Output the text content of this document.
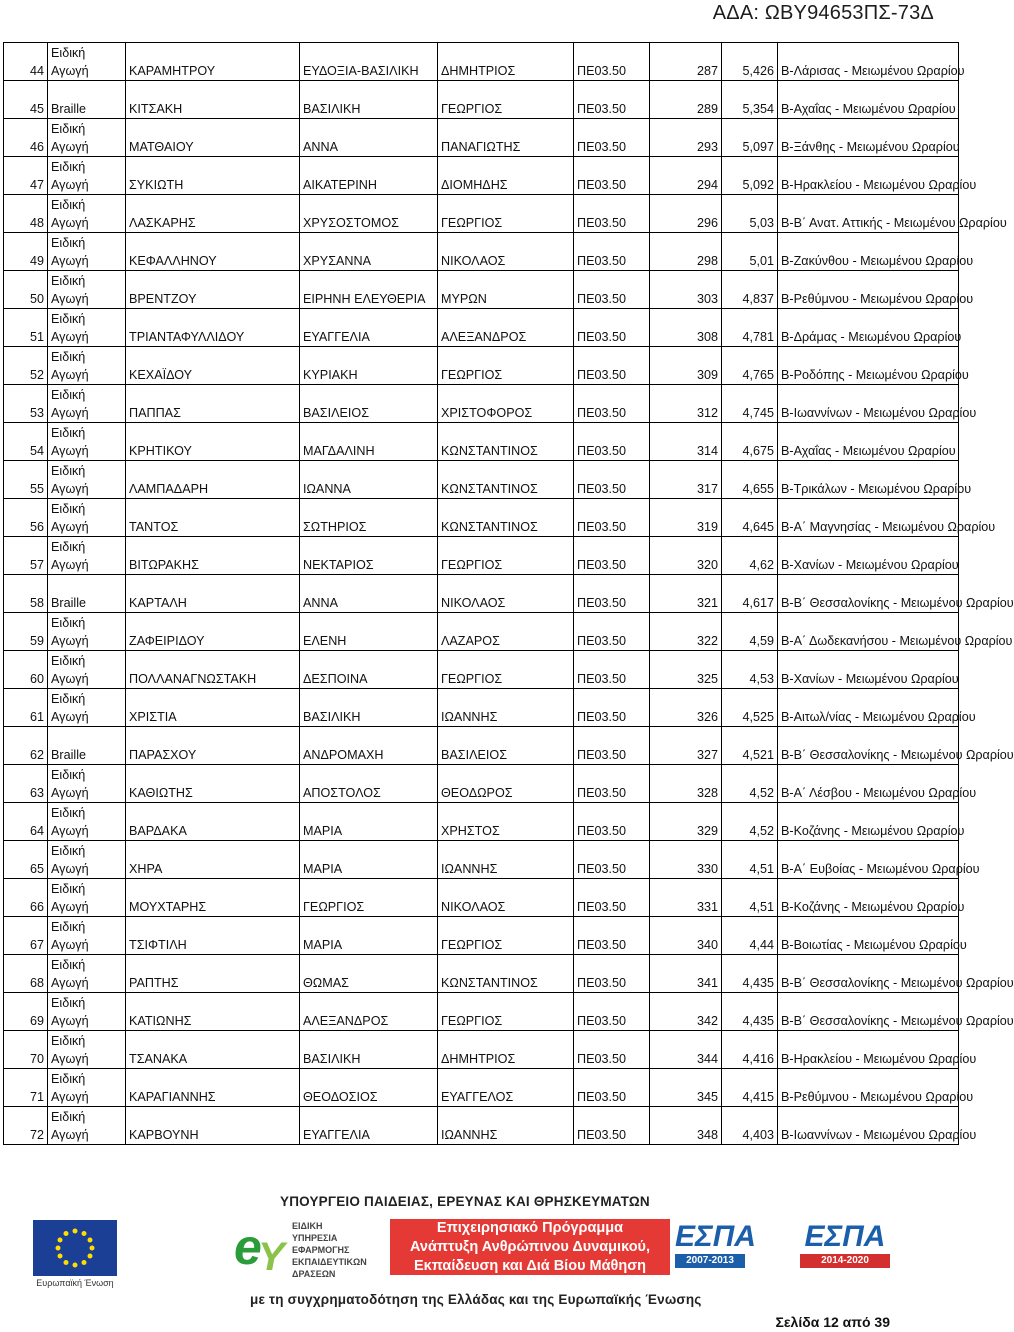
ΑΔΑ: ΩΒΥ94653ΠΣ-73Δ
44	Ειδική Αγωγή	ΚΑΡΑΜΗΤΡΟΥ	ΕΥΔΟΞΙΑ-ΒΑΣΙΛΙΚΗ	ΔΗΜΗΤΡΙΟΣ	ΠΕ03.50	287	5,426	Β-Λάρισας - Μειωμένου Ωραρίου
45	Braille	ΚΙΤΣΑΚΗ	ΒΑΣΙΛΙΚΗ	ΓΕΩΡΓΙΟΣ	ΠΕ03.50	289	5,354	Β-Αχαΐας - Μειωμένου Ωραρίου
46	Ειδική Αγωγή	ΜΑΤΘΑΙΟΥ	ΑΝΝΑ	ΠΑΝΑΓΙΩΤΗΣ	ΠΕ03.50	293	5,097	Β-Ξάνθης - Μειωμένου Ωραρίου
47	Ειδική Αγωγή	ΣΥΚΙΩΤΗ	ΑΙΚΑΤΕΡΙΝΗ	ΔΙΟΜΗΔΗΣ	ΠΕ03.50	294	5,092	Β-Ηρακλείου - Μειωμένου Ωραρίου
48	Ειδική Αγωγή	ΛΑΣΚΑΡΗΣ	ΧΡΥΣΟΣΤΟΜΟΣ	ΓΕΩΡΓΙΟΣ	ΠΕ03.50	296	5,03	Β-Β΄ Ανατ. Αττικής - Μειωμένου Ωραρίου
49	Ειδική Αγωγή	ΚΕΦΑΛΛΗΝΟΥ	ΧΡΥΣΑΝΝΑ	ΝΙΚΟΛΑΟΣ	ΠΕ03.50	298	5,01	Β-Ζακύνθου - Μειωμένου Ωραρίου
50	Ειδική Αγωγή	ΒΡΕΝΤΖΟΥ	ΕΙΡΗΝΗ ΕΛΕΥΘΕΡΙΑ	ΜΥΡΩΝ	ΠΕ03.50	303	4,837	Β-Ρεθύμνου - Μειωμένου Ωραρίου
51	Ειδική Αγωγή	ΤΡΙΑΝΤΑΦΥΛΛΙΔΟΥ	ΕΥΑΓΓΕΛΙΑ	ΑΛΕΞΑΝΔΡΟΣ	ΠΕ03.50	308	4,781	Β-Δράμας - Μειωμένου Ωραρίου
52	Ειδική Αγωγή	ΚΕΧΑΪΔΟΥ	ΚΥΡΙΑΚΗ	ΓΕΩΡΓΙΟΣ	ΠΕ03.50	309	4,765	Β-Ροδόπης - Μειωμένου Ωραρίου
53	Ειδική Αγωγή	ΠΑΠΠΑΣ	ΒΑΣΙΛΕΙΟΣ	ΧΡΙΣΤΟΦΟΡΟΣ	ΠΕ03.50	312	4,745	Β-Ιωαννίνων - Μειωμένου Ωραρίου
54	Ειδική Αγωγή	ΚΡΗΤΙΚΟΥ	ΜΑΓΔΑΛΙΝΗ	ΚΩΝΣΤΑΝΤΙΝΟΣ	ΠΕ03.50	314	4,675	Β-Αχαΐας - Μειωμένου Ωραρίου
55	Ειδική Αγωγή	ΛΑΜΠΑΔΑΡΗ	ΙΩΑΝΝΑ	ΚΩΝΣΤΑΝΤΙΝΟΣ	ΠΕ03.50	317	4,655	Β-Τρικάλων - Μειωμένου Ωραρίου
56	Ειδική Αγωγή	ΤΑΝΤΟΣ	ΣΩΤΗΡΙΟΣ	ΚΩΝΣΤΑΝΤΙΝΟΣ	ΠΕ03.50	319	4,645	Β-Α΄ Μαγνησίας - Μειωμένου Ωραρίου
57	Ειδική Αγωγή	ΒΙΤΩΡΑΚΗΣ	ΝΕΚΤΑΡΙΟΣ	ΓΕΩΡΓΙΟΣ	ΠΕ03.50	320	4,62	Β-Χανίων - Μειωμένου Ωραρίου
58	Braille	ΚΑΡΤΑΛΗ	ΑΝΝΑ	ΝΙΚΟΛΑΟΣ	ΠΕ03.50	321	4,617	Β-Β΄ Θεσσαλονίκης - Μειωμένου Ωραρίου
59	Ειδική Αγωγή	ΖΑΦΕΙΡΙΔΟΥ	ΕΛΕΝΗ	ΛΑΖΑΡΟΣ	ΠΕ03.50	322	4,59	Β-Α΄ Δωδεκανήσου - Μειωμένου Ωραρίου
60	Ειδική Αγωγή	ΠΟΛΛΑΝΑΓΝΩΣΤΑΚΗ	ΔΕΣΠΟΙΝΑ	ΓΕΩΡΓΙΟΣ	ΠΕ03.50	325	4,53	Β-Χανίων - Μειωμένου Ωραρίου
61	Ειδική Αγωγή	ΧΡΙΣΤΙΑ	ΒΑΣΙΛΙΚΗ	ΙΩΑΝΝΗΣ	ΠΕ03.50	326	4,525	Β-Αιτωλ/νίας - Μειωμένου Ωραρίου
62	Braille	ΠΑΡΑΣΧΟΥ	ΑΝΔΡΟΜΑΧΗ	ΒΑΣΙΛΕΙΟΣ	ΠΕ03.50	327	4,521	Β-Β΄ Θεσσαλονίκης - Μειωμένου Ωραρίου
63	Ειδική Αγωγή	ΚΑΘΙΩΤΗΣ	ΑΠΟΣΤΟΛΟΣ	ΘΕΟΔΩΡΟΣ	ΠΕ03.50	328	4,52	Β-Α΄ Λέσβου - Μειωμένου Ωραρίου
64	Ειδική Αγωγή	ΒΑΡΔΑΚΑ	ΜΑΡΙΑ	ΧΡΗΣΤΟΣ	ΠΕ03.50	329	4,52	Β-Κοζάνης - Μειωμένου Ωραρίου
65	Ειδική Αγωγή	ΧΗΡΑ	ΜΑΡΙΑ	ΙΩΑΝΝΗΣ	ΠΕ03.50	330	4,51	Β-Α΄ Ευβοίας - Μειωμένου Ωραρίου
66	Ειδική Αγωγή	ΜΟΥΧΤΑΡΗΣ	ΓΕΩΡΓΙΟΣ	ΝΙΚΟΛΑΟΣ	ΠΕ03.50	331	4,51	Β-Κοζάνης - Μειωμένου Ωραρίου
67	Ειδική Αγωγή	ΤΣΙΦΤΙΛΗ	ΜΑΡΙΑ	ΓΕΩΡΓΙΟΣ	ΠΕ03.50	340	4,44	Β-Βοιωτίας - Μειωμένου Ωραρίου
68	Ειδική Αγωγή	ΡΑΠΤΗΣ	ΘΩΜΑΣ	ΚΩΝΣΤΑΝΤΙΝΟΣ	ΠΕ03.50	341	4,435	Β-Β΄ Θεσσαλονίκης - Μειωμένου Ωραρίου
69	Ειδική Αγωγή	ΚΑΤΙΩΝΗΣ	ΑΛΕΞΑΝΔΡΟΣ	ΓΕΩΡΓΙΟΣ	ΠΕ03.50	342	4,435	Β-Β΄ Θεσσαλονίκης - Μειωμένου Ωραρίου
70	Ειδική Αγωγή	ΤΣΑΝΑΚΑ	ΒΑΣΙΛΙΚΗ	ΔΗΜΗΤΡΙΟΣ	ΠΕ03.50	344	4,416	Β-Ηρακλείου - Μειωμένου Ωραρίου
71	Ειδική Αγωγή	ΚΑΡΑΓΙΑΝΝΗΣ	ΘΕΟΔΟΣΙΟΣ	ΕΥΑΓΓΕΛΟΣ	ΠΕ03.50	345	4,415	Β-Ρεθύμνου - Μειωμένου Ωραρίου
72	Ειδική Αγωγή	ΚΑΡΒΟΥΝΗ	ΕΥΑΓΓΕΛΙΑ	ΙΩΑΝΝΗΣ	ΠΕ03.50	348	4,403	Β-Ιωαννίνων - Μειωμένου Ωραρίου
ΥΠΟΥΡΓΕΙΟ ΠΑΙΔΕΙΑΣ, ΕΡΕΥΝΑΣ ΚΑΙ ΘΡΗΣΚΕΥΜΑΤΩΝ
Ευρωπαϊκή Ένωση
e
Y
ΕΙΔΙΚΗ
ΥΠΗΡΕΣΙΑ
ΕΦΑΡΜΟΓΗΣ
ΕΚΠΑΙΔΕΥΤΙΚΩΝ
ΔΡΑΣΕΩΝ
Επιχειρησιακό Πρόγραμμα
Ανάπτυξη Ανθρώπινου Δυναμικού,
Εκπαίδευση και Διά Βίου Μάθηση
ΕΣΠΑ
2007-2013
ΕΣΠΑ
2014-2020
με τη συγχρηματοδότηση της Ελλάδας και της Ευρωπαϊκής Ένωσης
Σελίδα 12 από 39
